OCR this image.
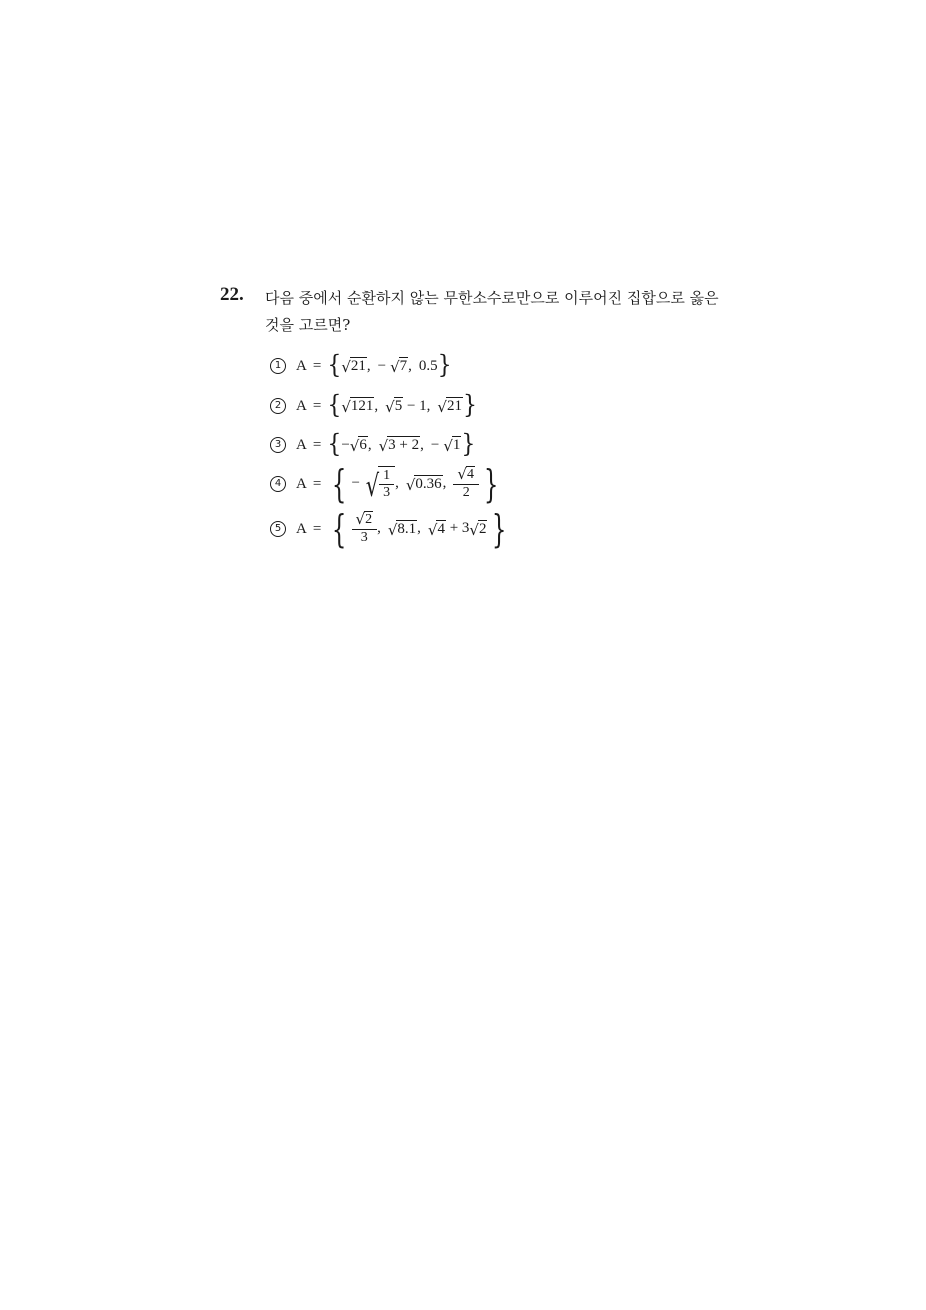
22. 다음 중에서 순환하지 않는 무한소수로만으로 이루어진 집합으로 옳은
것을 고르면?
1 A = { √ 21 , − √ 7 , 0.5 }
2 A = { √ 121 , √ 5 − 1 , √ 21 }
3 A = { − √ 6 , √ 3 + 2 , − √ 1 }
4 A = { − √ $\frac{1}{3}$ , √ 0.36 , $\frac{√ 4}{2}$ }
5 A = { $\frac{√ 2}{3}$ , √ 8.1 , √ 4 + 3 √ 2 }
